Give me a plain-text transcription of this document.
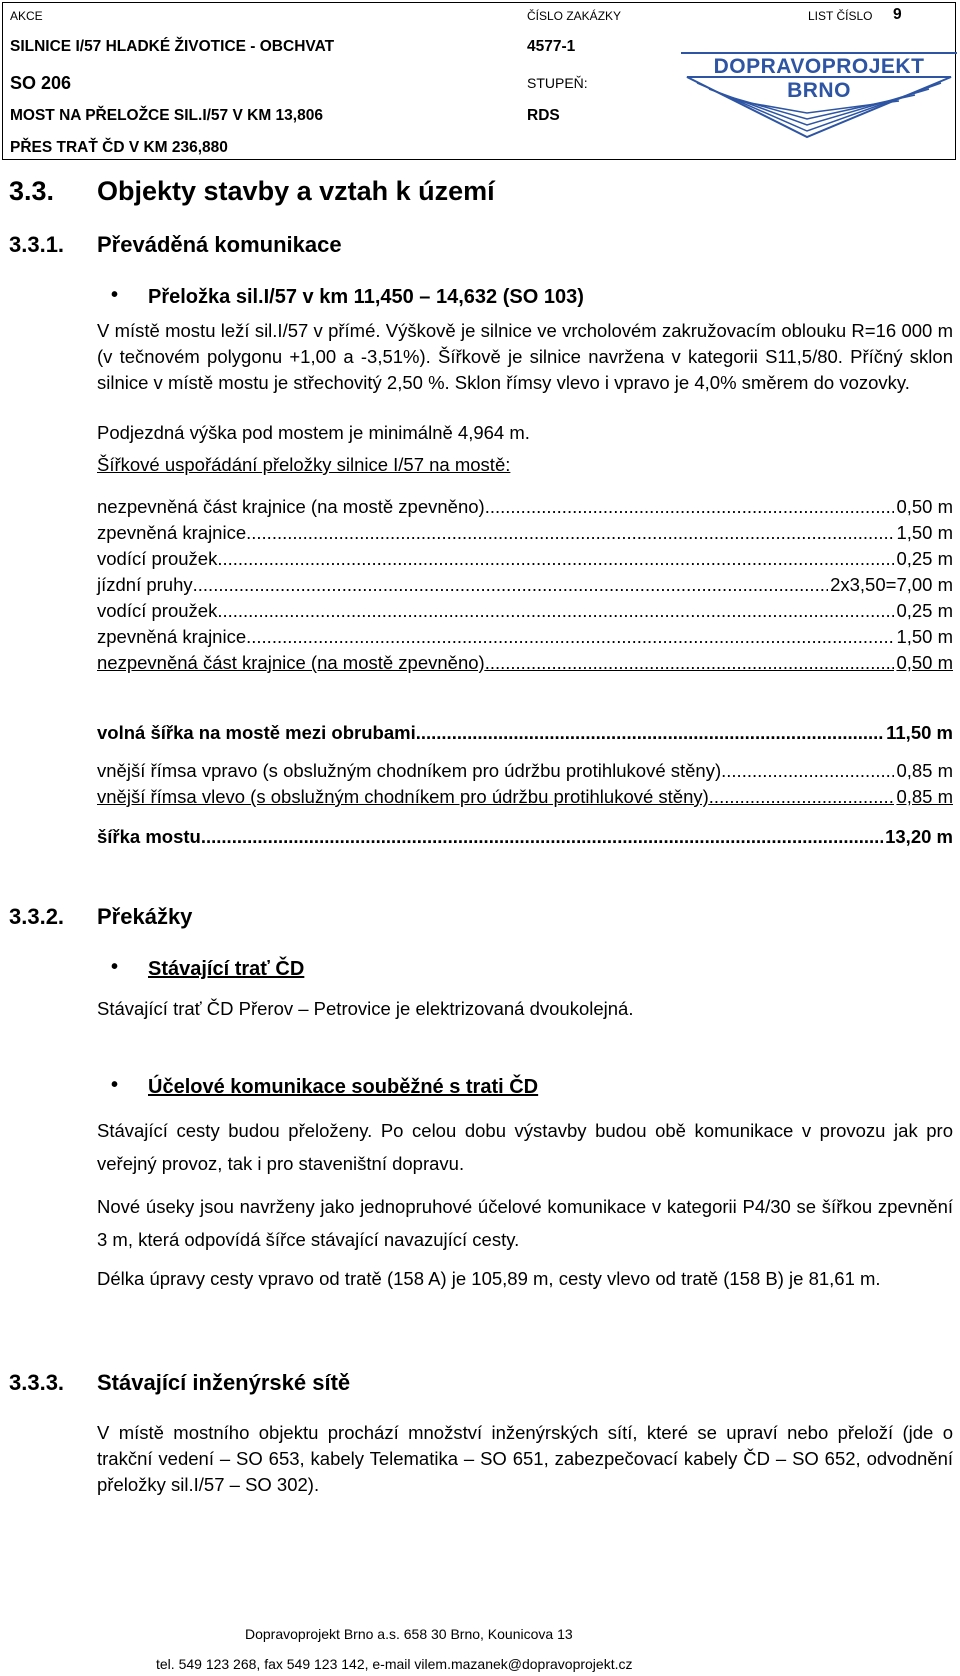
AKCE	ČÍSLO ZAKÁZKY	LIST ČÍSLO 9
SILNICE I/57 HLADKÉ ŽIVOTICE - OBCHVAT	4577-1
SO 206	STUPEŇ:
MOST NA PŘELOŽCE SIL.I/57 V KM 13,806	RDS
PŘES TRAŤ ČD V KM 236,880
DOPRAVOPROJEKT BRNO
3.3. Objekty stavby a vztah k území
3.3.1. Převáděná komunikace
• Přeložka sil.I/57 v km 11,450 – 14,632 (SO 103)

V místě mostu leží sil.I/57 v přímé. Výškově je silnice ve vrcholovém zakružovacím oblouku R=16 000 m (v tečnovém polygonu +1,00 a -3,51%). Šířkově je silnice navržena v kategorii S11,5/80. Příčný sklon silnice v místě mostu je střechovitý 2,50 %. Sklon římsy vlevo i vpravo je 4,0% směrem do vozovky.

Podjezdná výška pod mostem je minimálně 4,964 m.

Šířkové uspořádání přeložky silnice I/57 na mostě:

nezpevněná část krajnice (na mostě zpevněno) .....	0,50 m
zpevněná krajnice .....	1,50 m
vodící proužek .....	0,25 m
jízdní pruhy .....	2x3,50=7,00 m
vodící proužek .....	0,25 m
zpevněná krajnice .....	1,50 m
nezpevněná část krajnice (na mostě zpevněno) .....	0,50 m
volná šířka na mostě mezi obrubami .....	11,50 m
vnější římsa vpravo (s obslužným chodníkem pro údržbu protihlukové stěny) .....	0,85 m
vnější římsa vlevo (s obslužným chodníkem pro údržbu protihlukové stěny) .....	0,85 m
šířka mostu .....	13,20 m
3.3.2. Překážky
• Stávající trať ČD

Stávající trať ČD Přerov – Petrovice je elektrizovaná dvoukolejná.

• Účelové komunikace souběžné s trati ČD

Stávající cesty budou přeloženy. Po celou dobu výstavby budou obě komunikace v provozu jak pro veřejný provoz, tak i pro staveništní dopravu.

Nové úseky jsou navrženy jako jednopruhové účelové komunikace v kategorii P4/30 se šířkou zpevnění 3 m, která odpovídá šířce stávající navazující cesty.

Délka úpravy cesty vpravo od tratě (158 A) je 105,89 m, cesty vlevo od tratě (158 B) je 81,61 m.

3.3.3. Stávající inženýrské sítě

V místě mostního objektu prochází množství inženýrských sítí, které se upraví nebo přeloží (jde o trakční vedení – SO 653, kabely Telematika – SO 651, zabezpečovací kabely ČD – SO 652, odvodnění přeložky sil.I/57 – SO 302).

Dopravoprojekt Brno a.s. 658 30 Brno, Kounicova 13
tel. 549 123 268, fax 549 123 142, e-mail vilem.mazanek@dopravoprojekt.cz
